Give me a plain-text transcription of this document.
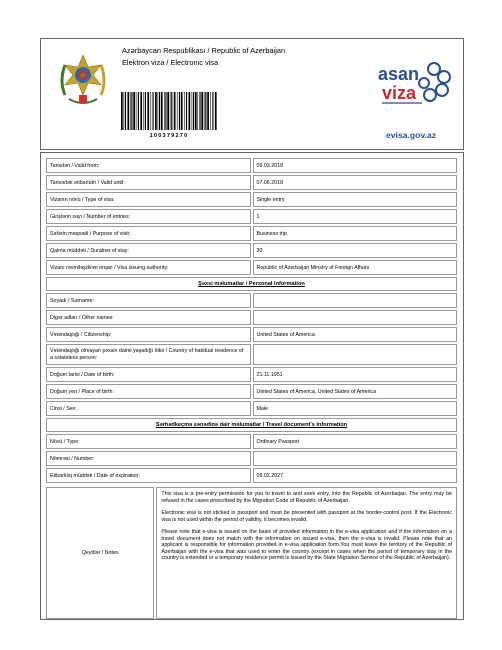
Azərbaycan Respublikası / Republic of Azerbaijan
Elektron viza / Electronic visa
100379270
asan
viza
evisa.gov.az
Tarixdən / Valid from:	09.03.2018
Tarixədək etibarlıdır / Valid until:	07.06.2018
Vizanın növü / Type of visa:	Single entry
Girişlərin sayı / Number of entries:	1
Səfərin məqsədi / Purpose of visit:	Business trip
Qalma müddəti / Duration of stay:	30
Vizanı rəsmiləşdirən orqan / Visa issuing authority:	Republic of Azerbaijan Minstry of Foreign Affairs
Şəxsi məlumatlar / Personal information	
Soyadı / Surname:	
Digər adları / Other names:	
Vətəndaşlığı / Citizenship:	United States of America
Vətəndaşlığı olmayan şəxsin daimi yaşadığı ölkə / Country of habitual residence of a sstateless person:	
Doğum tarixi / Date of birth:	21.11.1951
Doğum yeri / Place of birth:	United States of America, United States of America
Cinsi / Sex:	Male
Sərhədkeçmə sənədinə dair məlumatlar / Travel document's information	
Növü / Type:	Ordinary Passport
Nömrəsi / Number:	
Etibarlılıq müddəti / Date of expiration:	09.02.2027
Qeydlər / Notes	

This visa is a pre-entry permission for you to travel to and seek entry, into the Republic of Azerbaijan. The entry may be refused in the cases prescribed by the Migration Code of Republic of Azerbaijan.

Electronic visa is not sticked in passport and must be presented with passport at the border-control post. If the Electronic visa is not used within the period of validity, it becomes invalid.

Please note that e-visa is issued on the basis of provided information in the e-visa application and if the information on a travel document does not match with the information on issued e-visa, then the e-visa is invalid. Please note that an applicant is responsible for information provided in e-visa application form.You must leave the territory of the Republic of Azerbaijan with the e-visa that was used to enter the country (except in cases when the period of temporary stay in the country is extended or a temporary residence permit is issued by the State Migration Service of the Republic of Azerbaijan).
